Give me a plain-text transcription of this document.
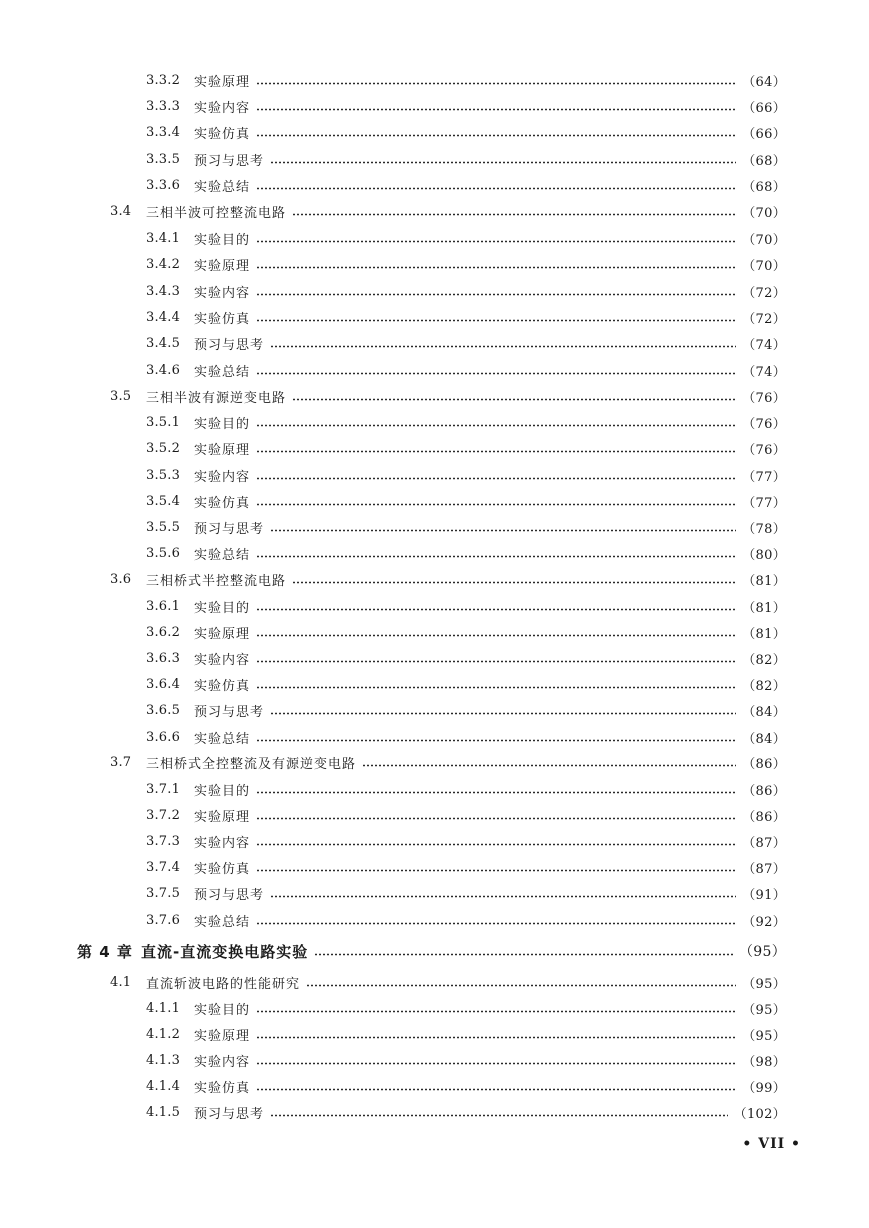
3.3.2	实验原理	（64）
3.3.3	实验内容	（66）
3.3.4	实验仿真	（66）
3.3.5	预习与思考	（68）
3.3.6	实验总结	（68）
3.4	三相半波可控整流电路	（70）
3.4.1	实验目的	（70）
3.4.2	实验原理	（70）
3.4.3	实验内容	（72）
3.4.4	实验仿真	（72）
3.4.5	预习与思考	（74）
3.4.6	实验总结	（74）
3.5	三相半波有源逆变电路	（76）
3.5.1	实验目的	（76）
3.5.2	实验原理	（76）
3.5.3	实验内容	（77）
3.5.4	实验仿真	（77）
3.5.5	预习与思考	（78）
3.5.6	实验总结	（80）
3.6	三相桥式半控整流电路	（81）
3.6.1	实验目的	（81）
3.6.2	实验原理	（81）
3.6.3	实验内容	（82）
3.6.4	实验仿真	（82）
3.6.5	预习与思考	（84）
3.6.6	实验总结	（84）
3.7	三相桥式全控整流及有源逆变电路	（86）
3.7.1	实验目的	（86）
3.7.2	实验原理	（86）
3.7.3	实验内容	（87）
3.7.4	实验仿真	（87）
3.7.5	预习与思考	（91）
3.7.6	实验总结	（92）
第 4 章 直流-直流变换电路实验	（95）
4.1	直流斩波电路的性能研究	（95）
4.1.1	实验目的	（95）
4.1.2	实验原理	（95）
4.1.3	实验内容	（98）
4.1.4	实验仿真	（99）
4.1.5	预习与思考	（102）
• VII •
